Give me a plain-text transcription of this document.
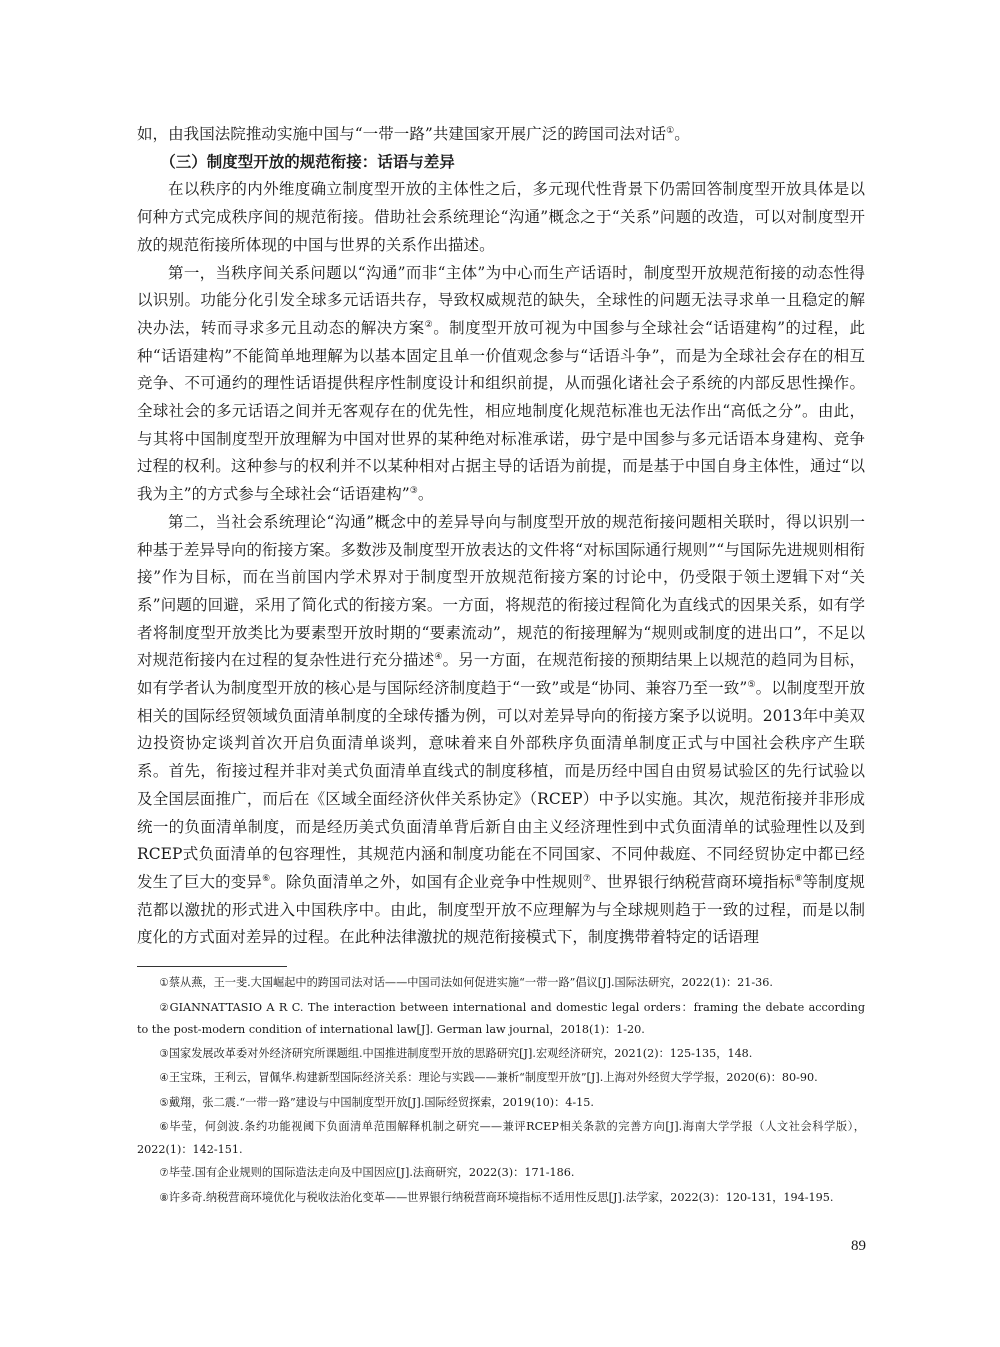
如，由我国法院推动实施中国与“一带一路”共建国家开展广泛的跨国司法对话①。

（三）制度型开放的规范衔接：话语与差异

在以秩序的内外维度确立制度型开放的主体性之后，多元现代性背景下仍需回答制度型开放具体是以何种方式完成秩序间的规范衔接。借助社会系统理论“沟通”概念之于“关系”问题的改造，可以对制度型开放的规范衔接所体现的中国与世界的关系作出描述。

第一，当秩序间关系问题以“沟通”而非“主体”为中心而生产话语时，制度型开放规范衔接的动态性得以识别。功能分化引发全球多元话语共存，导致权威规范的缺失，全球性的问题无法寻求单一且稳定的解决办法，转而寻求多元且动态的解决方案②。制度型开放可视为中国参与全球社会“话语建构”的过程，此种“话语建构”不能简单地理解为以基本固定且单一价值观念参与“话语斗争”，而是为全球社会存在的相互竞争、不可通约的理性话语提供程序性制度设计和组织前提，从而强化诸社会子系统的内部反思性操作。全球社会的多元话语之间并无客观存在的优先性，相应地制度化规范标准也无法作出“高低之分”。由此，与其将中国制度型开放理解为中国对世界的某种绝对标准承诺，毋宁是中国参与多元话语本身建构、竞争过程的权利。这种参与的权利并不以某种相对占据主导的话语为前提，而是基于中国自身主体性，通过“以我为主”的方式参与全球社会“话语建构”③。

第二，当社会系统理论“沟通”概念中的差异导向与制度型开放的规范衔接问题相关联时，得以识别一种基于差异导向的衔接方案。多数涉及制度型开放表达的文件将“对标国际通行规则”“与国际先进规则相衔接”作为目标，而在当前国内学术界对于制度型开放规范衔接方案的讨论中，仍受限于领土逻辑下对“关系”问题的回避，采用了简化式的衔接方案。一方面，将规范的衔接过程简化为直线式的因果关系，如有学者将制度型开放类比为要素型开放时期的“要素流动”，规范的衔接理解为“规则或制度的进出口”，不足以对规范衔接内在过程的复杂性进行充分描述④。另一方面，在规范衔接的预期结果上以规范的趋同为目标，如有学者认为制度型开放的核心是与国际经济制度趋于“一致”或是“协同、兼容乃至一致”⑤。以制度型开放相关的国际经贸领域负面清单制度的全球传播为例，可以对差异导向的衔接方案予以说明。2013年中美双边投资协定谈判首次开启负面清单谈判，意味着来自外部秩序负面清单制度正式与中国社会秩序产生联系。首先，衔接过程并非对美式负面清单直线式的制度移植，而是历经中国自由贸易试验区的先行试验以及全国层面推广，而后在《区域全面经济伙伴关系协定》（RCEP）中予以实施。其次，规范衔接并非形成统一的负面清单制度，而是经历美式负面清单背后新自由主义经济理性到中式负面清单的试验理性以及到RCEP式负面清单的包容理性，其规范内涵和制度功能在不同国家、不同仲裁庭、不同经贸协定中都已经发生了巨大的变异⑥。除负面清单之外，如国有企业竞争中性规则⑦、世界银行纳税营商环境指标⑧等制度规范都以激扰的形式进入中国秩序中。由此，制度型开放不应理解为与全球规则趋于一致的过程，而是以制度化的方式面对差异的过程。在此种法律激扰的规范衔接模式下，制度携带着特定的话语理

①蔡从燕，王一斐.大国崛起中的跨国司法对话——中国司法如何促进实施“一带一路”倡议[J].国际法研究，2022(1)：21-36.

②GIANNATTASIO A R C. The interaction between international and domestic legal orders：framing the debate according to the post-modern condition of international law[J]. German law journal，2018(1)：1-20.

③国家发展改革委对外经济研究所课题组.中国推进制度型开放的思路研究[J].宏观经济研究，2021(2)：125-135，148.

④王宝珠，王利云，冒佩华.构建新型国际经济关系：理论与实践——兼析“制度型开放”[J].上海对外经贸大学学报，2020(6)：80-90.

⑤戴翔，张二震.“一带一路”建设与中国制度型开放[J].国际经贸探索，2019(10)：4-15.

⑥毕莹，何剑波.条约功能视阈下负面清单范围解释机制之研究——兼评RCEP相关条款的完善方向[J].海南大学学报（人文社会科学版），2022(1)：142-151.

⑦毕莹.国有企业规则的国际造法走向及中国因应[J].法商研究，2022(3)：171-186.

⑧许多奇.纳税营商环境优化与税收法治化变革——世界银行纳税营商环境指标不适用性反思[J].法学家，2022(3)：120-131，194-195.

89
